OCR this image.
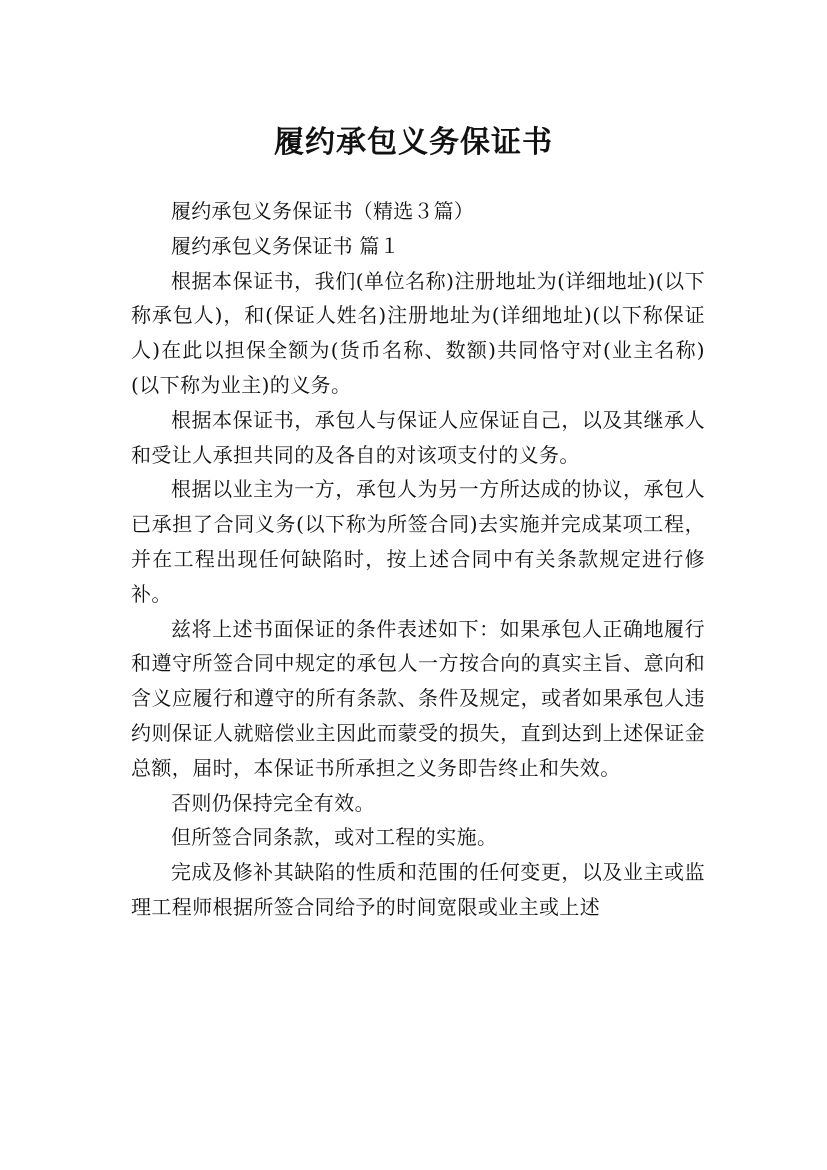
履约承包义务保证书

履约承包义务保证书（精选３篇）

履约承包义务保证书 篇１

根据本保证书，我们(单位名称)注册地址为(详细地址)(以下称承包人)，和(保证人姓名)注册地址为(详细地址)(以下称保证人)在此以担保全额为(货币名称、数额)共同恪守对(业主名称)(以下称为业主)的义务。

根据本保证书，承包人与保证人应保证自己，以及其继承人和受让人承担共同的及各自的对该项支付的义务。

根据以业主为一方，承包人为另一方所达成的协议，承包人已承担了合同义务(以下称为所签合同)去实施并完成某项工程，并在工程出现任何缺陷时，按上述合同中有关条款规定进行修补。

兹将上述书面保证的条件表述如下：如果承包人正确地履行和遵守所签合同中规定的承包人一方按合向的真实主旨、意向和含义应履行和遵守的所有条款、条件及规定，或者如果承包人违约则保证人就赔偿业主因此而蒙受的损失，直到达到上述保证金总额，届时，本保证书所承担之义务即告终止和失效。

否则仍保持完全有效。

但所签合同条款，或对工程的实施。

完成及修补其缺陷的性质和范围的任何变更，以及业主或监理工程师根据所签合同给予的时间宽限或业主或上述
